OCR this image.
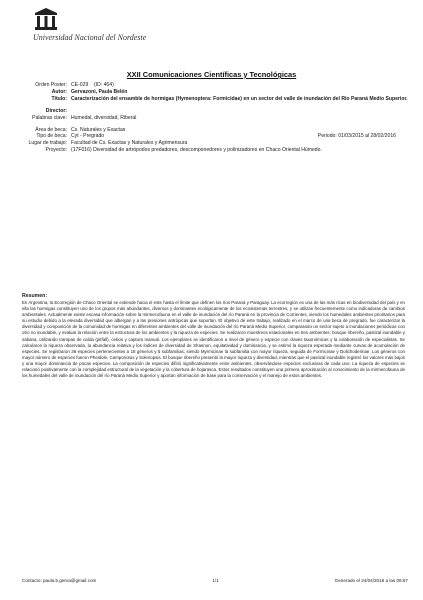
Universidad Nacional del Nordeste
XXII Comunicaciones Científicas y Tecnológicas
Orden Poster: CE-029 (ID: 464)
Autor: Gervazoni, Paula Belén
Título: Caracterización del ensamble de hormigas (Hymenoptera: Formicidae) en un sector del valle de inundación del Río Paraná Medio Superior.
Director:
Palabras clave: Humedal, diversidad, Riberal
Área de beca: Cs. Naturales y Exactas
Tipo de beca: Cyt - Pregrado	Periodo: 01/03/2015 al 28/02/2016
Lugar de trabajo: Facultad de Cs. Exactas y Naturales y Agrimensura
Proyecto: (17F016) Diversidad de artrópodos predadores, descomponedores y polinizadores en Chaco Oriental Húmedo.
Resumen:
En Argentina, la Ecorregión de Chaco Oriental se extiende hacia el este hasta el límite que definen los ríos Paraná y Paraguay. La ecorregión es una de las más ricas en biodiversidad del país y en ella las hormigas constituyen uno de los grupos más abundantes, diversos y dominantes ecológicamente de los ecosistemas terrestres, y se utilizan frecuentemente como indicadoras de cambios ambientales. Actualmente existe escasa información sobre la mirmecofauna en el valle de inundación del río Paraná en la provincia de Corrientes, siendo los humedales ambientes prioritarios para su estudio debido a la elevada diversidad que albergan y a las presiones antrópicas que soportan. El objetivo de este trabajo, realizado en el marco de una beca de pregrado, fue caracterizar la diversidad y composición de la comunidad de hormigas en diferentes ambientes del valle de inundación del río Paraná Medio Superior, comparando un sector sujeto a inundaciones periódicas con otro no inundable, y evaluar la relación entre la estructura de los ambientes y la riqueza de especies. Se realizaron muestreos estacionales en tres ambientes: bosque ribereño, pastizal inundable y sabana, utilizando trampas de caída (pitfall), cebos y captura manual. Los ejemplares se identificaron a nivel de género y especie con claves taxonómicas y la colaboración de especialistas. Se calcularon la riqueza observada, la abundancia relativa y los índices de diversidad de Shannon, equitatividad y dominancia, y se estimó la riqueza esperada mediante curvas de acumulación de especies. Se registraron 36 especies pertenecientes a 18 géneros y 5 subfamilias, siendo Myrmicinae la subfamilia con mayor riqueza, seguida de Formicinae y Dolichoderinae. Los géneros con mayor número de especies fueron Pheidole, Camponotus y Solenopsis. El bosque ribereño presentó la mayor riqueza y diversidad, mientras que el pastizal inundable registró los valores más bajos y una mayor dominancia de pocas especies. La composición de especies difirió significativamente entre ambientes, observándose especies exclusivas de cada uno. La riqueza de especies se relacionó positivamente con la complejidad estructural de la vegetación y la cobertura de hojarasca. Estos resultados constituyen una primera aproximación al conocimiento de la mirmecofauna de los humedales del valle de inundación del río Paraná Medio Superior y aportan información de base para la conservación y el manejo de estos ambientes.
Contacto: paula.b.gerva@gmail.com	1/1	Generado el 24/04/2018 a las 09:57
